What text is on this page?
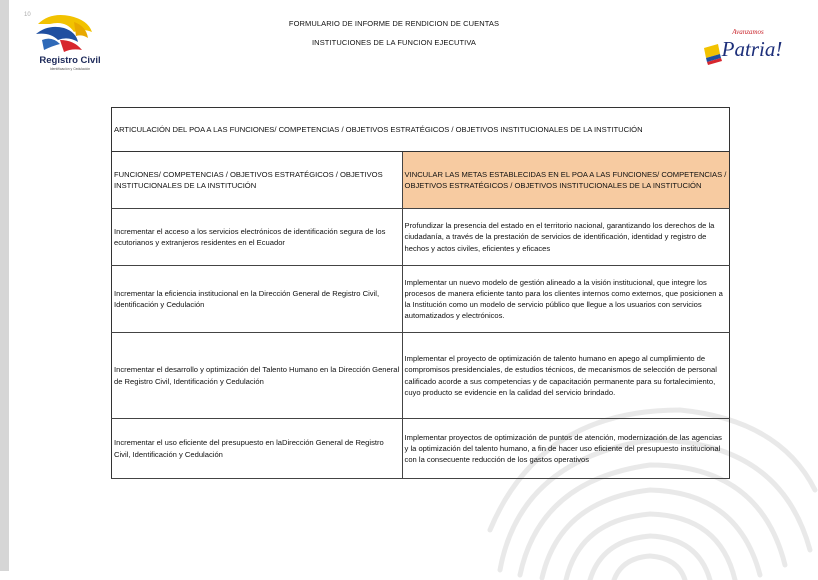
10
Registro Civil
Identificación y Cedulación
FORMULARIO DE INFORME DE RENDICION DE CUENTAS
INSTITUCIONES DE LA FUNCION EJECUTIVA
Avanzamos
Patria!
ARTICULACIÓN DEL POA A LAS FUNCIONES/ COMPETENCIAS / OBJETIVOS ESTRATÉGICOS / OBJETIVOS INSTITUCIONALES DE LA INSTITUCIÓN	
FUNCIONES/ COMPETENCIAS / OBJETIVOS ESTRATÉGICOS / OBJETIVOS INSTITUCIONALES DE LA INSTITUCIÓN	VINCULAR LAS METAS ESTABLECIDAS EN EL POA A LAS FUNCIONES/ COMPETENCIAS / OBJETIVOS ESTRATÉGICOS / OBJETIVOS INSTITUCIONALES DE LA INSTITUCIÓN
Incrementar el acceso a los servicios electrónicos de identificación segura de los ecutorianos y extranjeros residentes en el Ecuador	Profundizar la presencia del estado en el territorio nacional, garantizando los derechos de la ciudadanía, a través de la prestación de servicios de identificación, identidad y registro de hechos y actos civiles, eficientes y eficaces
Incrementar la eficiencia institucional en la Dirección General de Registro Civil, Identificación y Cedulación	Implementar un nuevo modelo de gestión alineado a la visión institucional, que integre los procesos de manera eficiente tanto para los clientes internos como externos, que posicionen a la Institución como un modelo de servicio público que llegue a los usuarios con servicios automatizados y electrónicos.
Incrementar el desarrollo y optimización del Talento Humano en la Dirección General de Registro Civil, Identificación y Cedulación	Implementar el proyecto de optimización de talento humano en apego al cumplimiento de compromisos presidenciales, de estudios técnicos, de mecanismos de selección de personal calificado acorde a sus competencias y de capacitación permanente para su fortalecimiento, cuyo producto se evidencie en la calidad del servicio brindado.
Incrementar el uso eficiente del presupuesto en laDirección General de Registro Civil, Identificación y Cedulación	Implementar proyectos de optimización de puntos de atención, modernización de las agencias y la optimización del talento humano, a fin de hacer uso eficiente del presupuesto institucional con la consecuente reducción de los gastos operativos
